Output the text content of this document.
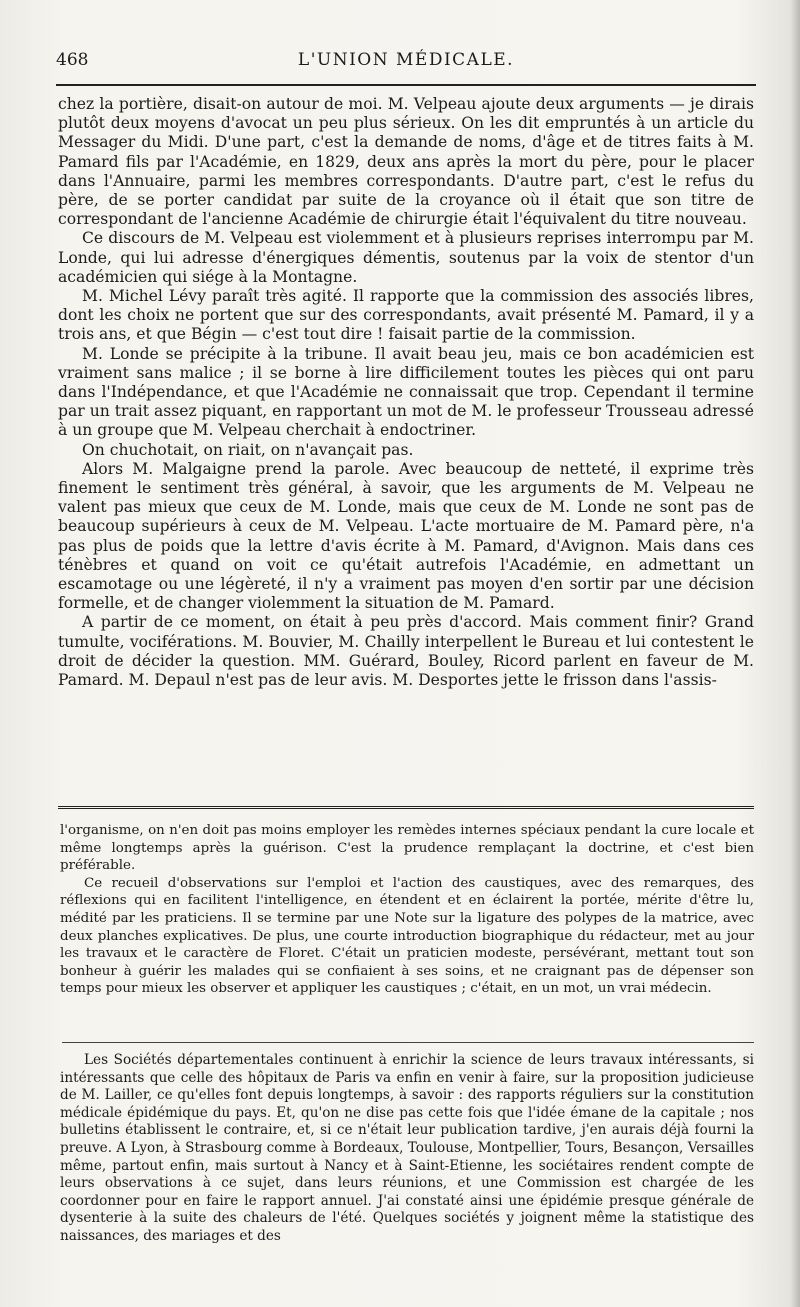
468	L'UNION MÉDICALE.

chez la portière, disait-on autour de moi. M. Velpeau ajoute deux arguments — je dirais plutôt deux moyens d'avocat un peu plus sérieux. On les dit empruntés à un article du Messager du Midi. D'une part, c'est la demande de noms, d'âge et de titres faits à M. Pamard fils par l'Académie, en 1829, deux ans après la mort du père, pour le placer dans l'Annuaire, parmi les membres correspondants. D'autre part, c'est le refus du père, de se porter candidat par suite de la croyance où il était que son titre de correspondant de l'ancienne Académie de chirurgie était l'équivalent du titre nouveau.

Ce discours de M. Velpeau est violemment et à plusieurs reprises interrompu par M. Londe, qui lui adresse d'énergiques démentis, soutenus par la voix de stentor d'un académicien qui siége à la Montagne.

M. Michel Lévy paraît très agité. Il rapporte que la commission des associés libres, dont les choix ne portent que sur des correspondants, avait présenté M. Pamard, il y a trois ans, et que Bégin — c'est tout dire ! faisait partie de la commission.

M. Londe se précipite à la tribune. Il avait beau jeu, mais ce bon académicien est vraiment sans malice ; il se borne à lire difficilement toutes les pièces qui ont paru dans l'Indépendance, et que l'Académie ne connaissait que trop. Cependant il termine par un trait assez piquant, en rapportant un mot de M. le professeur Trousseau adressé à un groupe que M. Velpeau cherchait à endoctriner.

On chuchotait, on riait, on n'avançait pas.

Alors M. Malgaigne prend la parole. Avec beaucoup de netteté, il exprime très finement le sentiment très général, à savoir, que les arguments de M. Velpeau ne valent pas mieux que ceux de M. Londe, mais que ceux de M. Londe ne sont pas de beaucoup supérieurs à ceux de M. Velpeau. L'acte mortuaire de M. Pamard père, n'a pas plus de poids que la lettre d'avis écrite à M. Pamard, d'Avignon. Mais dans ces ténèbres et quand on voit ce qu'était autrefois l'Académie, en admettant un escamotage ou une légèreté, il n'y a vraiment pas moyen d'en sortir par une décision formelle, et de changer violemment la situation de M. Pamard.

A partir de ce moment, on était à peu près d'accord. Mais comment finir? Grand tumulte, vociférations. M. Bouvier, M. Chailly interpellent le Bureau et lui contestent le droit de décider la question. MM. Guérard, Bouley, Ricord parlent en faveur de M. Pamard. M. Depaul n'est pas de leur avis. M. Desportes jette le frisson dans l'assis-

l'organisme, on n'en doit pas moins employer les remèdes internes spéciaux pendant la cure locale et même longtemps après la guérison. C'est la prudence remplaçant la doctrine, et c'est bien préférable.

Ce recueil d'observations sur l'emploi et l'action des caustiques, avec des remarques, des réflexions qui en facilitent l'intelligence, en étendent et en éclairent la portée, mérite d'être lu, médité par les praticiens. Il se termine par une Note sur la ligature des polypes de la matrice, avec deux planches explicatives. De plus, une courte introduction biographique du rédacteur, met au jour les travaux et le caractère de Floret. C'était un praticien modeste, persévérant, mettant tout son bonheur à guérir les malades qui se confiaient à ses soins, et ne craignant pas de dépenser son temps pour mieux les observer et appliquer les caustiques ; c'était, en un mot, un vrai médecin.

Les Sociétés départementales continuent à enrichir la science de leurs travaux intéressants, si intéressants que celle des hôpitaux de Paris va enfin en venir à faire, sur la proposition judicieuse de M. Lailler, ce qu'elles font depuis longtemps, à savoir : des rapports réguliers sur la constitution médicale épidémique du pays. Et, qu'on ne dise pas cette fois que l'idée émane de la capitale ; nos bulletins établissent le contraire, et, si ce n'était leur publication tardive, j'en aurais déjà fourni la preuve. A Lyon, à Strasbourg comme à Bordeaux, Toulouse, Montpellier, Tours, Besançon, Versailles même, partout enfin, mais surtout à Nancy et à Saint-Etienne, les sociétaires rendent compte de leurs observations à ce sujet, dans leurs réunions, et une Commission est chargée de les coordonner pour en faire le rapport annuel. J'ai constaté ainsi une épidémie presque générale de dysenterie à la suite des chaleurs de l'été. Quelques sociétés y joignent même la statistique des naissances, des mariages et des
